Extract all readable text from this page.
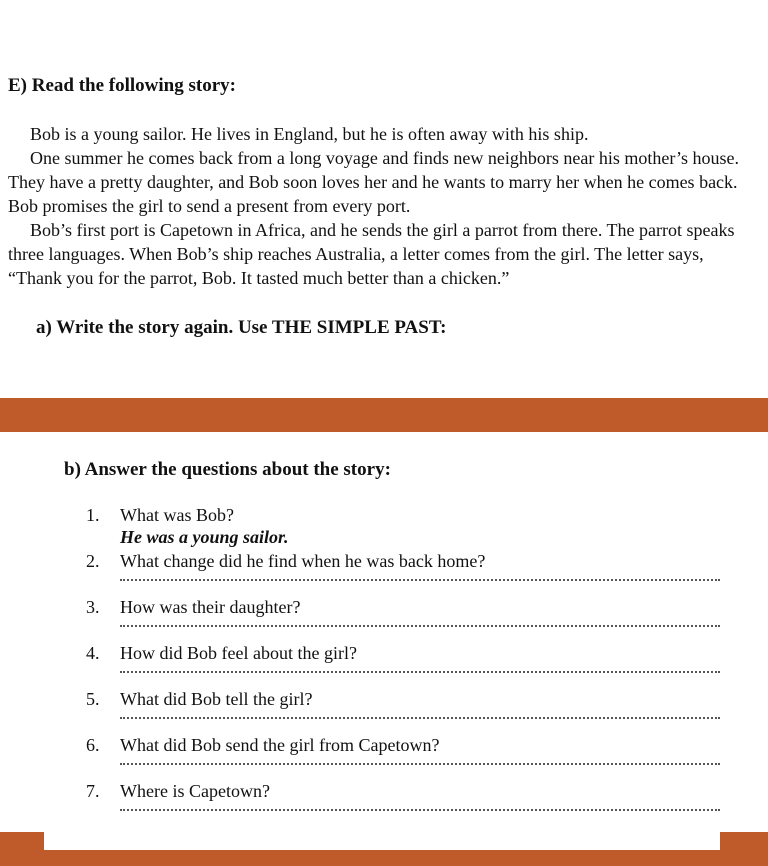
E) Read the following story:
Bob is a young sailor. He lives in England, but he is often away with his ship.
One summer he comes back from a long voyage and finds new neighbors near his mother’s house. They have a pretty daughter, and Bob soon loves her and he wants to marry her when he comes back. Bob promises the girl to send a present from every port.
Bob’s first port is Capetown in Africa, and he sends the girl a parrot from there. The parrot speaks three languages. When Bob’s ship reaches Australia, a letter comes from the girl. The letter says, “Thank you for the parrot, Bob. It tasted much better than a chicken.”
a) Write the story again. Use THE SIMPLE PAST:
b) Answer the questions about the story:
1.	What was Bob?
He was a young sailor.
2.	What change did he find when he was back home?
3.	How was their daughter?
4.	How did Bob feel about the girl?
5.	What did Bob tell the girl?
6.	What did Bob send the girl from Capetown?
7.	Where is Capetown?
